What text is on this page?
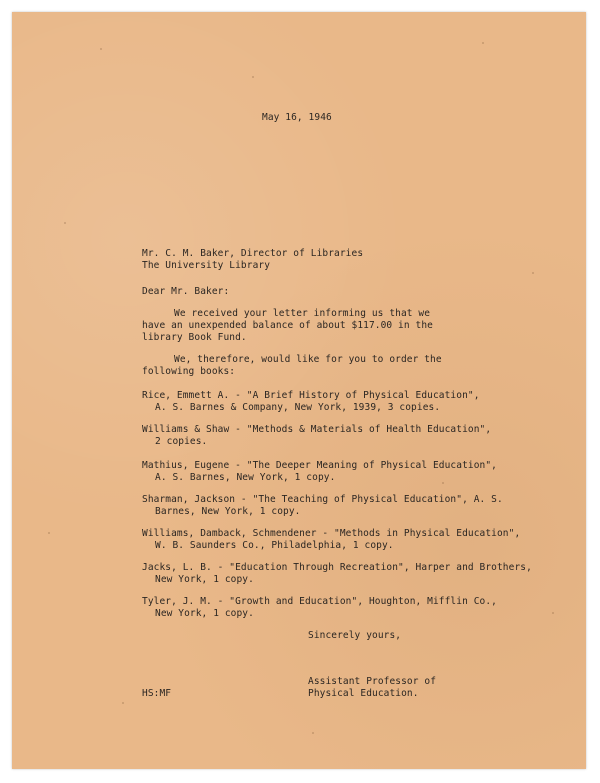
May 16, 1946
Mr. C. M. Baker, Director of Libraries
The University Library
Dear Mr. Baker:
We received your letter informing us that we
have an unexpended balance of about $117.00 in the
library Book Fund.
We, therefore, would like for you to order the
following books:
Rice, Emmett A. - "A Brief History of Physical Education",
A. S. Barnes & Company, New York, 1939, 3 copies.
Williams & Shaw - "Methods & Materials of Health Education",
2 copies.
Mathius, Eugene - "The Deeper Meaning of Physical Education",
A. S. Barnes, New York, 1 copy.
Sharman, Jackson - "The Teaching of Physical Education", A. S.
Barnes, New York, 1 copy.
Williams, Damback, Schmendener - "Methods in Physical Education",
W. B. Saunders Co., Philadelphia, 1 copy.
Jacks, L. B. - "Education Through Recreation", Harper and Brothers,
New York, 1 copy.
Tyler, J. M. - "Growth and Education", Houghton, Mifflin Co.,
New York, 1 copy.
Sincerely yours,
Assistant Professor of
Physical Education.
HS:MF
